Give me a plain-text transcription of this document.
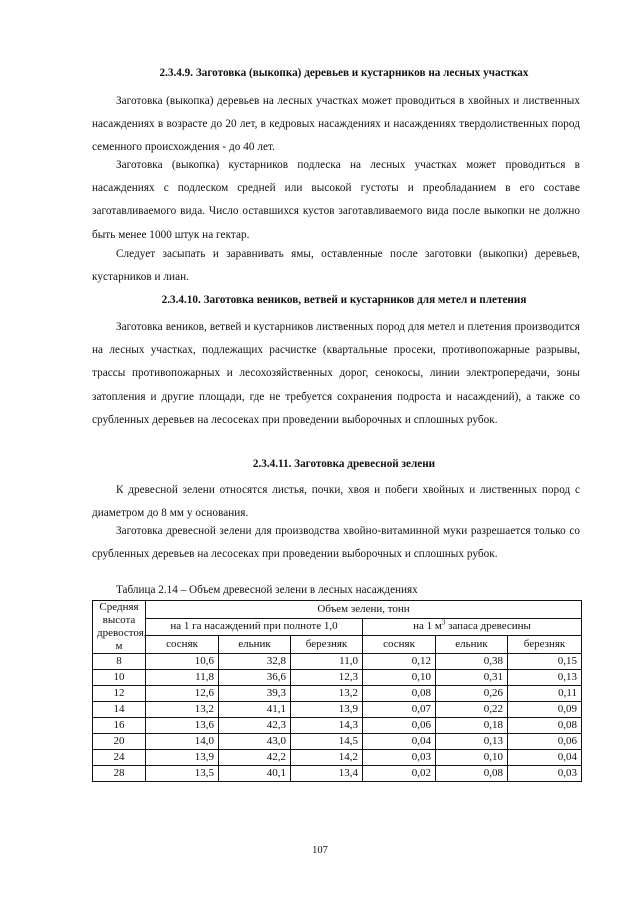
2.3.4.9. Заготовка (выкопка) деревьев и кустарников на лесных участках

Заготовка (выкопка) деревьев на лесных участках может проводиться в хвойных и лиственных насаждениях в возрасте до 20 лет, в кедровых насаждениях и насаждениях твердолиственных пород семенного происхождения - до 40 лет.

Заготовка (выкопка) кустарников подлеска на лесных участках может проводиться в насаждениях с подлеском средней или высокой густоты и преобладанием в его составе заготавливаемого вида. Число оставшихся кустов заготавливаемого вида после выкопки не должно быть менее 1000 штук на гектар.

Следует засыпать и заравнивать ямы, оставленные после заготовки (выкопки) деревьев, кустарников и лиан.

2.3.4.10. Заготовка веников, ветвей и кустарников для метел и плетения

Заготовка веников, ветвей и кустарников лиственных пород для метел и плетения производится на лесных участках, подлежащих расчистке (квартальные просеки, противопожарные разрывы, трассы противопожарных и лесохозяйственных дорог, сенокосы, линии электропередачи, зоны затопления и другие площади, где не требуется сохранения подроста и насаждений), а также со срубленных деревьев на лесосеках при проведении выборочных и сплошных рубок.

2.3.4.11. Заготовка древесной зелени

К древесной зелени относятся листья, почки, хвоя и побеги хвойных и лиственных пород с диаметром до 8 мм у основания.

Заготовка древесной зелени для производства хвойно-витаминной муки разрешается только со срубленных деревьев на лесосеках при проведении выборочных и сплошных рубок.

Таблица 2.14 – Объем древесной зелени в лесных насаждениях
Средняя высота древостоя, м	Объем зелени, тонн					
	на 1 га насаждений при полноте 1,0			на 1 $м^3$ запаса древесины		
	сосняк	ельник	березняк	сосняк	ельник	березняк
8	10,6	32,8	11,0	0,12	0,38	0,15
10	11,8	36,6	12,3	0,10	0,31	0,13
12	12,6	39,3	13,2	0,08	0,26	0,11
14	13,2	41,1	13,9	0,07	0,22	0,09
16	13,6	42,3	14,3	0,06	0,18	0,08
20	14,0	43,0	14,5	0,04	0,13	0,06
24	13,9	42,2	14,2	0,03	0,10	0,04
28	13,5	40,1	13,4	0,02	0,08	0,03
107
